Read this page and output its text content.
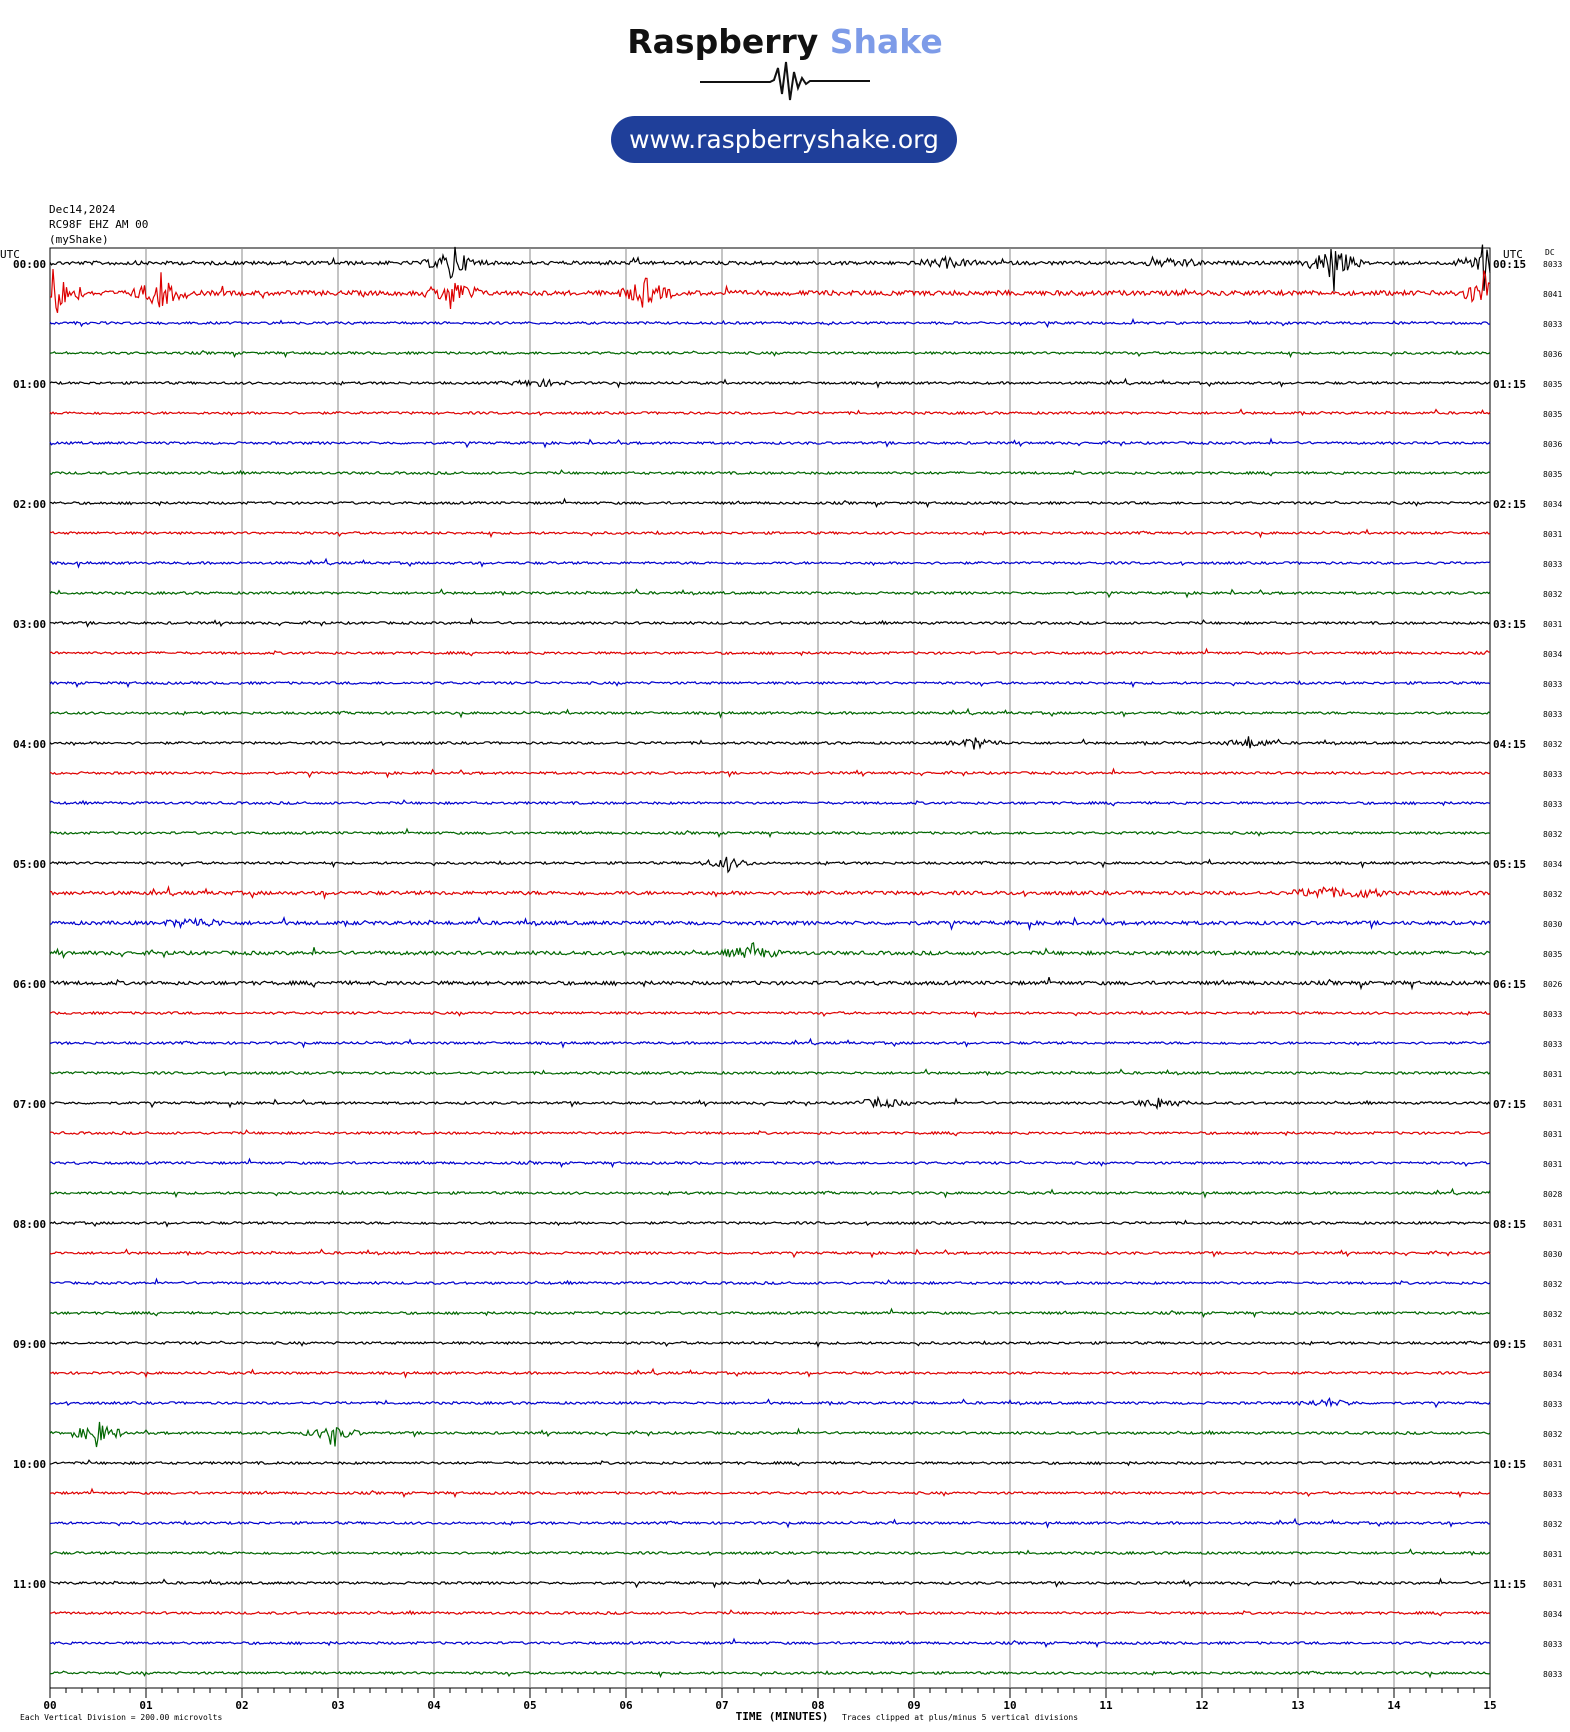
Raspberry Shake
www.raspberryshake.org
Dec14,2024
RC98F EHZ AM 00
(myShake)
8033
00:00	00:15
8041
8033
8036
8035
01:00	01:15
8035
8036
8035
8034
02:00	02:15
8031
8033
8032
8031
03:00	03:15
8034
8033
8033
8032
04:00	04:15
8033
8033
8032
8034
05:00	05:15
8032
8030
8035
8026
06:00	06:15
8033
8033
8031
8031
07:00	07:15
8031
8031
8028
8031
08:00	08:15
8030
8032
8032
8031
09:00	09:15
8034
8033
8032
8031
10:00	10:15
8033
8032
8031
8031
11:00	11:15
8034
8033
8033
UTC	UTC	DC
00	01	02	03	04	05	06	07	08	09	10	11	12	13	14	15
TIME (MINUTES)
Each Vertical Division = 200.00 microvolts	Traces clipped at plus/minus 5 vertical divisions
